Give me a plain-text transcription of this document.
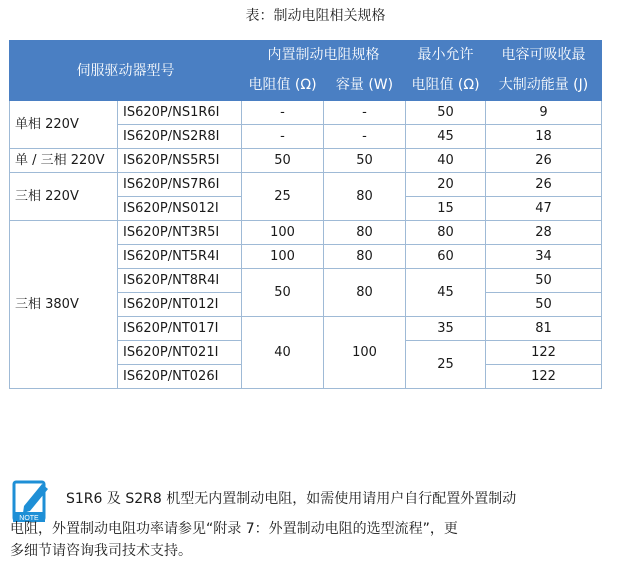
表：制动电阻相关规格
伺服驱动器型号		内置制动电阻规格		最小允许	电容可吸收最
		电阻值 (Ω)	容量 (W)	电阻值 (Ω)	大制动能量 (J)
单相 220V	IS620P/NS1R6I	-	-	50	9
	IS620P/NS2R8I	-	-	45	18
单 / 三相 220V	IS620P/NS5R5I	50	50	40	26
三相 220V	IS620P/NS7R6I	25	80	20	26
	IS620P/NS012I			15	47
三相 380V	IS620P/NT3R5I	100	80	80	28
	IS620P/NT5R4I	100	80	60	34
	IS620P/NT8R4I	50	80	45	50
	IS620P/NT012I				50
	IS620P/NT017I	40	100	35	81
	IS620P/NT021I			25	122
	IS620P/NT026I				122
NOTE
S1R6 及 S2R8 机型无内置制动电阻，如需使用请用户自行配置外置制动
电阻，外置制动电阻功率请参见“附录 7：外置制动电阻的选型流程”，更
多细节请咨询我司技术支持。
